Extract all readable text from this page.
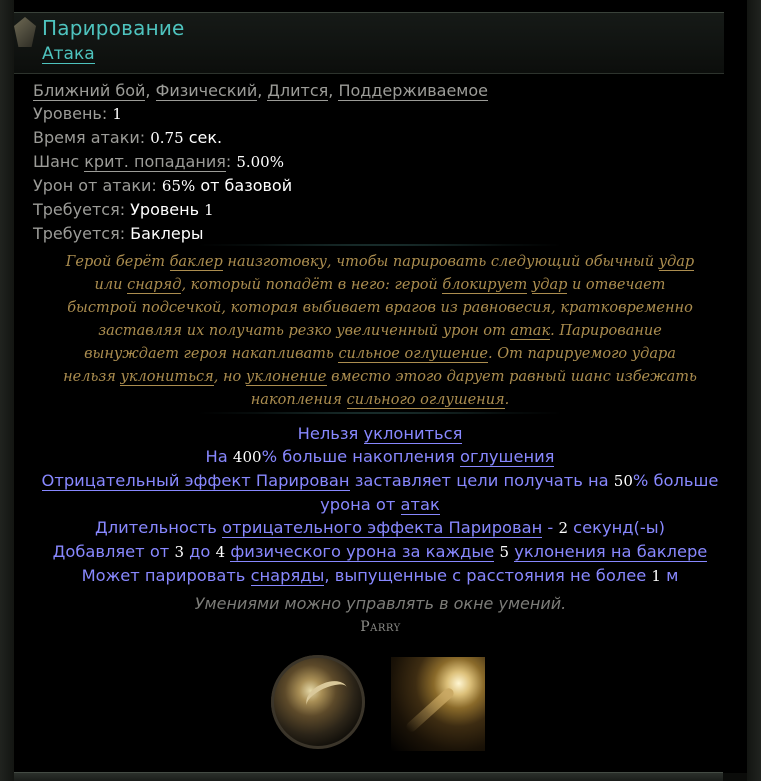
Парирование
Атака
Ближний бой, Физический, Длится, Поддерживаемое
Уровень: 1
Время атаки: 0.75 сек.
Шанс крит. попадания: 5.00%
Урон от атаки: 65% от базовой
Требуется: Уровень 1
Требуется: Баклеры
Герой берёт баклер наизготовку, чтобы парировать следующий обычный удар или снаряд, который попадёт в него: герой блокирует удар и отвечает быстрой подсечкой, которая выбивает врагов из равновесия, кратковременно заставляя их получать резко увеличенный урон от атак. Парирование вынуждает героя накапливать сильное оглушение. От парируемого удара нельзя уклониться, но уклонение вместо этого дарует равный шанс избежать накопления сильного оглушения.
Нельзя уклониться
На 400% больше накопления оглушения
Отрицательный эффект Парирован заставляет цели получать на 50% больше урона от атак
Длительность отрицательного эффекта Парирован - 2 секунд(-ы)
Добавляет от 3 до 4 физического урона за каждые 5 уклонения на баклере
Может парировать снаряды, выпущенные с расстояния не более 1 м
Умениями можно управлять в окне умений.
Parry
